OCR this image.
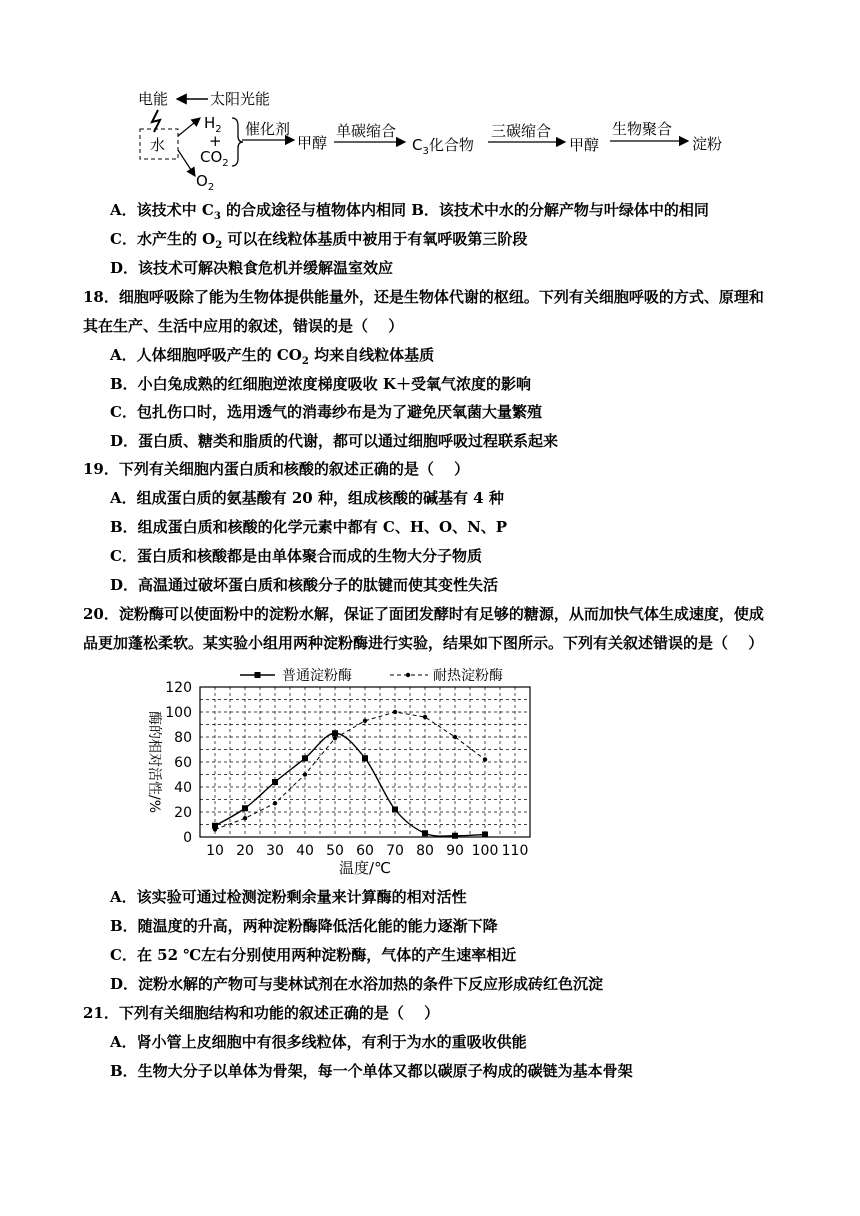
电能	太阳光能
水
$H_2$
+
$CO_2$
$O_2$
催化剂
甲醇
单碳缩合
$C_3$化合物
三碳缩合
甲醇
生物聚合
淀粉
A．该技术中 $C_3$ 的合成途径与植物体内相同 B．该技术中水的分解产物与叶绿体中的相同
C．水产生的 $O_2$ 可以在线粒体基质中被用于有氧呼吸第三阶段
D．该技术可解决粮食危机并缓解温室效应
18．细胞呼吸除了能为生物体提供能量外，还是生物体代谢的枢纽。下列有关细胞呼吸的方式、原理和
其在生产、生活中应用的叙述，错误的是（　 ）
A．人体细胞呼吸产生的 $CO_2$ 均来自线粒体基质
B．小白兔成熟的红细胞逆浓度梯度吸收 K＋受氧气浓度的影响
C．包扎伤口时，选用透气的消毒纱布是为了避免厌氧菌大量繁殖
D．蛋白质、糖类和脂质的代谢，都可以通过细胞呼吸过程联系起来
19．下列有关细胞内蛋白质和核酸的叙述正确的是（　 ）
A．组成蛋白质的氨基酸有 20 种，组成核酸的碱基有 4 种
B．组成蛋白质和核酸的化学元素中都有 C、H、O、N、P
C．蛋白质和核酸都是由单体聚合而成的生物大分子物质
D．高温通过破坏蛋白质和核酸分子的肽键而使其变性失活
20．淀粉酶可以使面粉中的淀粉水解，保证了面团发酵时有足够的糖源，从而加快气体生成速度，使成
品更加蓬松柔软。某实验小组用两种淀粉酶进行实验，结果如下图所示。下列有关叙述错误的是（　 ）
0
20
40
60
80
100
120
10 20 30 40 50 60 70 80 90 100 110
温度/℃
酶的相对活性/%
普通淀粉酶	耐热淀粉酶
A．该实验可通过检测淀粉剩余量来计算酶的相对活性
B．随温度的升高，两种淀粉酶降低活化能的能力逐渐下降
C．在 52 ℃左右分别使用两种淀粉酶，气体的产生速率相近
D．淀粉水解的产物可与斐林试剂在水浴加热的条件下反应形成砖红色沉淀
21．下列有关细胞结构和功能的叙述正确的是（　 ）
A．肾小管上皮细胞中有很多线粒体，有利于为水的重吸收供能
B．生物大分子以单体为骨架，每一个单体又都以碳原子构成的碳链为基本骨架
